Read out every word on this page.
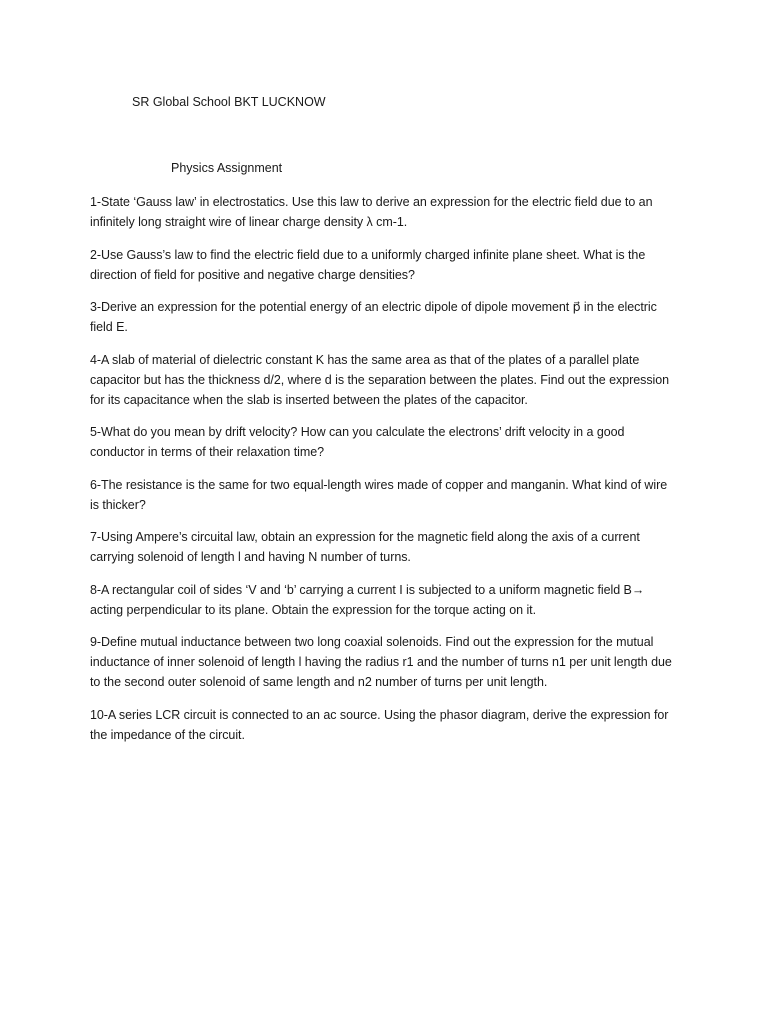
SR Global School BKT LUCKNOW
Physics Assignment
1-State ‘Gauss law’ in electrostatics. Use this law to derive an expression for the electric field due to an infinitely long straight wire of linear charge density λ cm-1.
2-Use Gauss’s law to find the electric field due to a uniformly charged infinite plane sheet. What is the direction of field for positive and negative charge densities?
3-Derive an expression for the potential energy of an electric dipole of dipole movement p⃗ in the electric field E.
4-A slab of material of dielectric constant K has the same area as that of the plates of a parallel plate capacitor but has the thickness d/2, where d is the separation between the plates. Find out the expression for its capacitance when the slab is inserted between the plates of the capacitor.
5-What do you mean by drift velocity? How can you calculate the electrons’ drift velocity in a good conductor in terms of their relaxation time?
6-The resistance is the same for two equal-length wires made of copper and manganin. What kind of wire is thicker?
7-Using Ampere’s circuital law, obtain an expression for the magnetic field along the axis of a current carrying solenoid of length l and having N number of turns.
8-A rectangular coil of sides ‘V and ‘b’ carrying a current I is subjected to a uniform magnetic field B→ acting perpendicular to its plane. Obtain the expression for the torque acting on it.
9-Define mutual inductance between two long coaxial solenoids. Find out the expression for the mutual inductance of inner solenoid of length l having the radius r1 and the number of turns n1 per unit length due to the second outer solenoid of same length and n2 number of turns per unit length.
10-A series LCR circuit is connected to an ac source. Using the phasor diagram, derive the expression for the impedance of the circuit.
